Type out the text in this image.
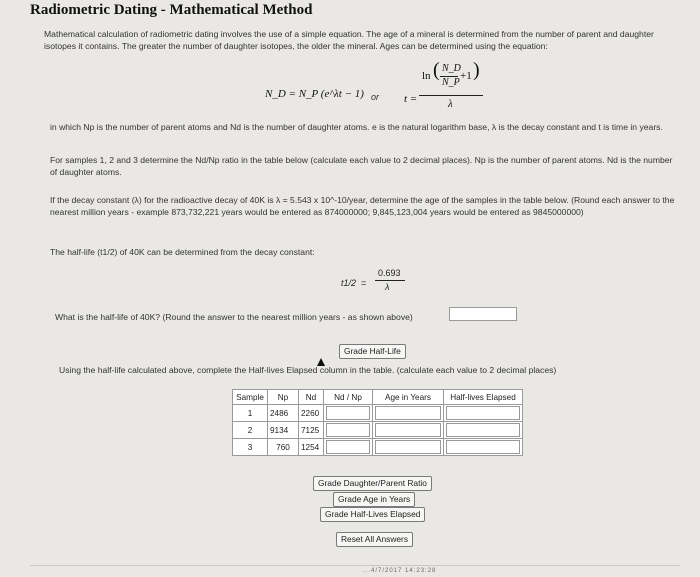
Radiometric Dating - Mathematical Method
Mathematical calculation of radiometric dating involves the use of a simple equation. The age of a mineral is determined from the number of parent and daughter isotopes it contains. The greater the number of daughter isotopes, the older the mineral. Ages can be determined using the equation:
N_D = N_P (e^λt − 1) or t =
ln ( N_D
N_P
+1 )
λ
in which Np is the number of parent atoms and Nd is the number of daughter atoms. e is the natural logarithm base, λ is the decay constant and t is time in years.
For samples 1, 2 and 3 determine the Nd/Np ratio in the table below (calculate each value to 2 decimal places). Np is the number of parent atoms. Nd is the number of daughter atoms.
If the decay constant (λ) for the radioactive decay of 40K is λ = 5.543 x 10^-10/year, determine the age of the samples in the table below. (Round each answer to the nearest million years - example 873,732,221 years would be entered as 874000000; 9,845,123,004 years would be entered as 9845000000)
The half-life (t1/2) of 40K can be determined from the decay constant:
t1/2 =
0.693
λ
What is the half-life of 40K? (Round the answer to the nearest million years - as shown above)
Grade Half-Life
Using the half-life calculated above, complete the Half-lives Elapsed column in the table. (calculate each value to 2 decimal places)
Sample	Np	Nd	Nd / Np	Age in Years	Half-lives Elapsed
1	2486	2260	

2	9134	7125	

3	760	1254	

Grade Daughter/Parent Ratio
Grade Age in Years
Grade Half-Lives Elapsed
Reset All Answers
...4/7/2017 14:23:28
